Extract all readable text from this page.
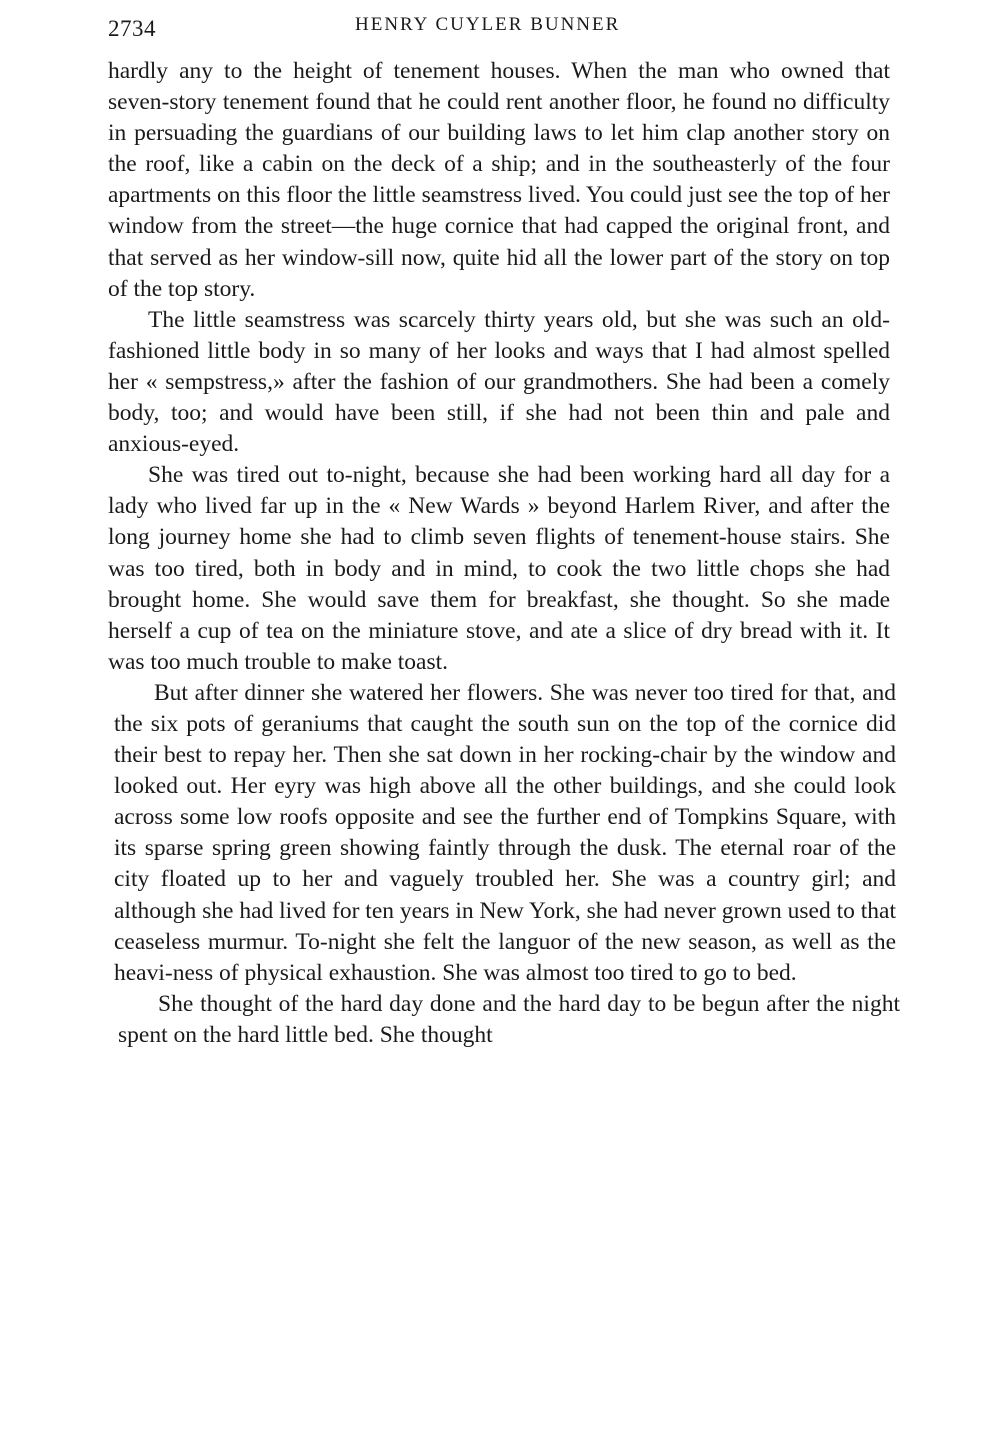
2734	HENRY CUYLER BUNNER

hardly any to the height of tenement houses. When the man who owned that seven-story tenement found that he could rent another floor, he found no difficulty in persuading the guardians of our building laws to let him clap another story on the roof, like a cabin on the deck of a ship; and in the southeasterly of the four apartments on this floor the little seamstress lived. You could just see the top of her window from the street—the huge cornice that had capped the original front, and that served as her window-sill now, quite hid all the lower part of the story on top of the top story.

The little seamstress was scarcely thirty years old, but she was such an old-fashioned little body in so many of her looks and ways that I had almost spelled her « sempstress,» after the fashion of our grandmothers. She had been a comely body, too; and would have been still, if she had not been thin and pale and anxious-eyed.

She was tired out to-night, because she had been working hard all day for a lady who lived far up in the « New Wards » beyond Harlem River, and after the long journey home she had to climb seven flights of tenement-house stairs. She was too tired, both in body and in mind, to cook the two little chops she had brought home. She would save them for breakfast, she thought. So she made herself a cup of tea on the miniature stove, and ate a slice of dry bread with it. It was too much trouble to make toast.

But after dinner she watered her flowers. She was never too tired for that, and the six pots of geraniums that caught the south sun on the top of the cornice did their best to repay her. Then she sat down in her rocking-chair by the window and looked out. Her eyry was high above all the other buildings, and she could look across some low roofs opposite and see the further end of Tompkins Square, with its sparse spring green showing faintly through the dusk. The eternal roar of the city floated up to her and vaguely troubled her. She was a country girl; and although she had lived for ten years in New York, she had never grown used to that ceaseless murmur. To-night she felt the languor of the new season, as well as the heavi-ness of physical exhaustion. She was almost too tired to go to bed.

She thought of the hard day done and the hard day to be begun after the night spent on the hard little bed. She thought
